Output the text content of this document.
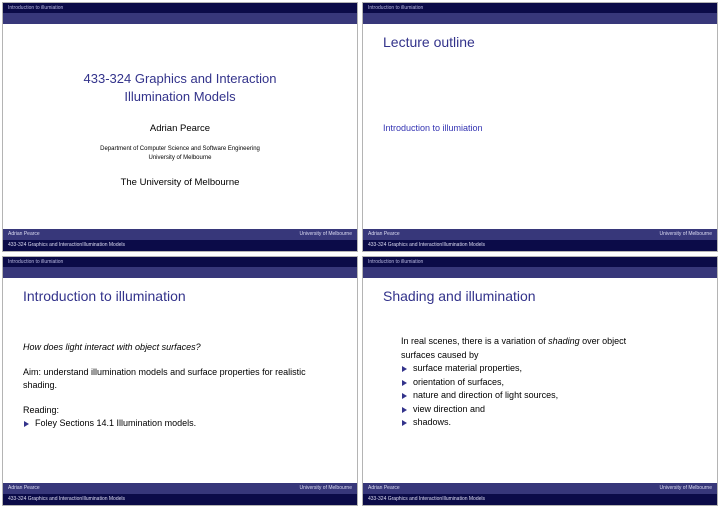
Introduction to illumiation
433-324 Graphics and Interaction
Illumination Models
Adrian Pearce
Department of Computer Science and Software Engineering
University of Melbourne
The University of Melbourne
Adrian Pearce	University of Melbourne
433-324 Graphics and InteractionIllumination Models
Introduction to illumiation
Lecture outline
Introduction to illumiation
Adrian Pearce	University of Melbourne
433-324 Graphics and InteractionIllumination Models
Introduction to illumiation
Introduction to illumination
How does light interact with object surfaces?
Aim: understand illumination models and surface properties for realistic shading.
Reading:
Foley Sections 14.1 Illumination models.
Adrian Pearce	University of Melbourne
433-324 Graphics and InteractionIllumination Models
Introduction to illumiation
Shading and illumination
In real scenes, there is a variation of shading over object
surfaces caused by
surface material properties,
orientation of surfaces,
nature and direction of light sources,
view direction and
shadows.
Adrian Pearce	University of Melbourne
433-324 Graphics and InteractionIllumination Models
